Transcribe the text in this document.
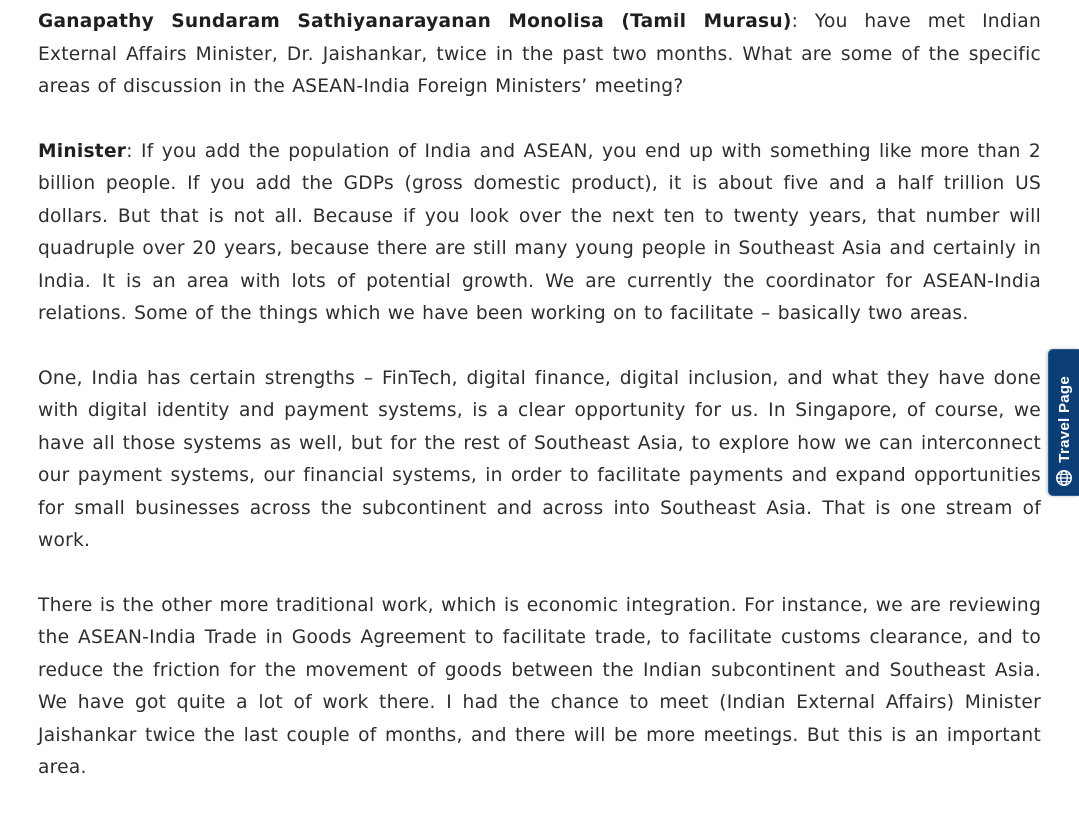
Ganapathy Sundaram Sathiyanarayanan Monolisa (Tamil Murasu): You have met Indian External Affairs Minister, Dr. Jaishankar, twice in the past two months. What are some of the specific areas of discussion in the ASEAN-India Foreign Ministers’ meeting?

Minister: If you add the population of India and ASEAN, you end up with something like more than 2 billion people. If you add the GDPs (gross domestic product), it is about five and a half trillion US dollars. But that is not all. Because if you look over the next ten to twenty years, that number will quadruple over 20 years, because there are still many young people in Southeast Asia and certainly in India. It is an area with lots of potential growth. We are currently the coordinator for ASEAN-India relations. Some of the things which we have been working on to facilitate – basically two areas.

One, India has certain strengths – FinTech, digital finance, digital inclusion, and what they have done with digital identity and payment systems, is a clear opportunity for us. In Singapore, of course, we have all those systems as well, but for the rest of Southeast Asia, to explore how we can interconnect our payment systems, our financial systems, in order to facilitate payments and expand opportunities for small businesses across the subcontinent and across into Southeast Asia. That is one stream of work.

There is the other more traditional work, which is economic integration. For instance, we are reviewing the ASEAN-India Trade in Goods Agreement to facilitate trade, to facilitate customs clearance, and to reduce the friction for the movement of goods between the Indian subcontinent and Southeast Asia. We have got quite a lot of work there. I had the chance to meet (Indian External Affairs) Minister Jaishankar twice the last couple of months, and there will be more meetings. But this is an important area.

Travel Page
